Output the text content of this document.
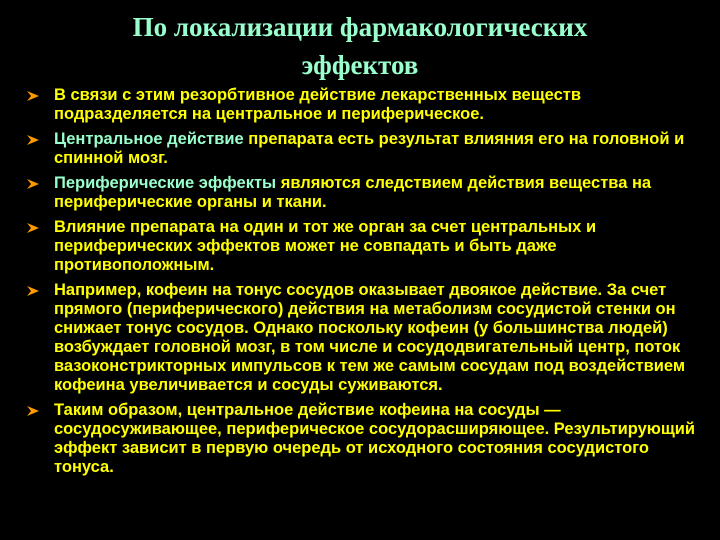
По локализации фармакологических
эффектов
В связи с этим резорбтивное действие лекарственных веществ подразделяется на центральное и периферическое.
Центральное действие препарата есть результат влияния его на головной и спинной мозг.
Периферические эффекты являются следствием действия вещества на периферические органы и ткани.
Влияние препарата на один и тот же орган за счет центральных и периферических эффектов может не совпадать и быть даже противоположным.
Например, кофеин на тонус сосудов оказывает двоякое действие. За счет прямого (периферического) действия на метаболизм сосудистой стенки он снижает тонус сосудов. Однако поскольку кофеин (у большинства людей) возбуждает головной мозг, в том числе и сосудодвигательный центр, поток вазоконстрикторных импульсов к тем же самым сосудам под воздействием кофеина увеличивается и сосуды суживаются.
Таким образом, центральное действие кофеина на сосуды — сосудосуживающее, периферическое сосудорасширяющее. Результирующий эффект зависит в первую очередь от исходного состояния сосудистого тонуса.
